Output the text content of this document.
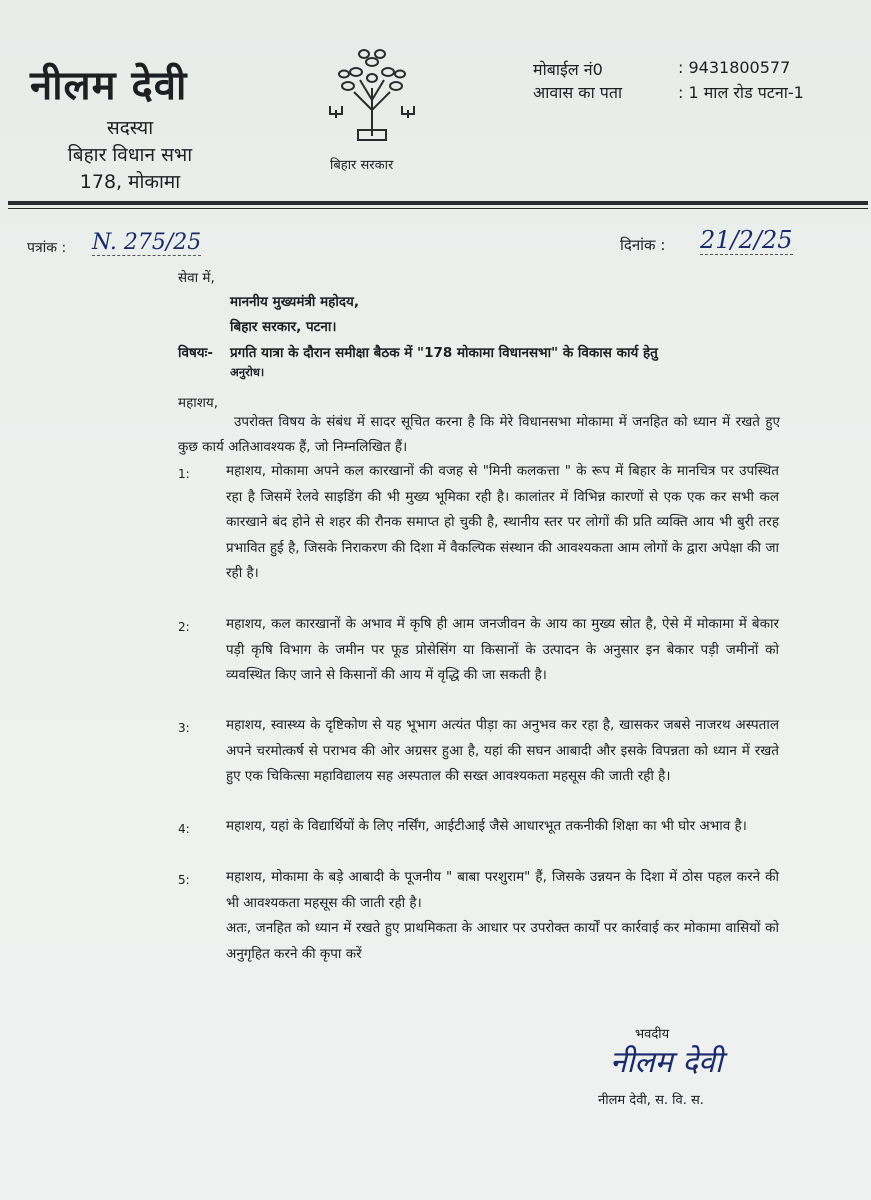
नीलम देवी
सदस्या
बिहार विधान सभा
178, मोकामा
बिहार सरकार
मोबाईल नं0	: 9431800577
आवास का पता	: 1 माल रोड पटना-1
पत्रांक : N. 275/25	दिनांक : 21/2/25
सेवा में,
माननीय मुख्यमंत्री महोदय,
बिहार सरकार, पटना।
विषयः- प्रगति यात्रा के दौरान समीक्षा बैठक में "178 मोकामा विधानसभा" के विकास कार्य हेतु
अनुरोध।
महाशय,
उपरोक्त विषय के संबंध में सादर सूचित करना है कि मेरे विधानसभा मोकामा में जनहित को ध्यान में रखते हुए कुछ कार्य अतिआवश्यक हैं, जो निम्नलिखित हैं।
1:	महाशय, मोकामा अपने कल कारखानों की वजह से "मिनी कलकत्ता " के रूप में बिहार के मानचित्र पर उपस्थित रहा है जिसमें रेलवे साइडिंग की भी मुख्य भूमिका रही है। कालांतर में विभिन्न कारणों से एक एक कर सभी कल कारखाने बंद होने से शहर की रौनक समाप्त हो चुकी है, स्थानीय स्तर पर लोगों की प्रति व्यक्ति आय भी बुरी तरह प्रभावित हुई है, जिसके निराकरण की दिशा में वैकल्पिक संस्थान की आवश्यकता आम लोगों के द्वारा अपेक्षा की जा रही है।
2:	महाशय, कल कारखानों के अभाव में कृषि ही आम जनजीवन के आय का मुख्य स्रोत है, ऐसे में मोकामा में बेकार पड़ी कृषि विभाग के जमीन पर फूड प्रोसेसिंग या किसानों के उत्पादन के अनुसार इन बेकार पड़ी जमीनों को व्यवस्थित किए जाने से किसानों की आय में वृद्धि की जा सकती है।
3:	महाशय, स्वास्थ्य के दृष्टिकोण से यह भूभाग अत्यंत पीड़ा का अनुभव कर रहा है, खासकर जबसे नाजरथ अस्पताल अपने चरमोत्कर्ष से पराभव की ओर अग्रसर हुआ है, यहां की सघन आबादी और इसके विपन्नता को ध्यान में रखते हुए एक चिकित्सा महाविद्यालय सह अस्पताल की सख्त आवश्यकता महसूस की जाती रही है।
4:	महाशय, यहां के विद्यार्थियों के लिए नर्सिंग, आईटीआई जैसे आधारभूत तकनीकी शिक्षा का भी घोर अभाव है।
5:	महाशय, मोकामा के बड़े आबादी के पूजनीय " बाबा परशुराम" हैं, जिसके उन्नयन के दिशा में ठोस पहल करने की भी आवश्यकता महसूस की जाती रही है।
अतः, जनहित को ध्यान में रखते हुए प्राथमिकता के आधार पर उपरोक्त कार्यों पर कार्रवाई कर मोकामा वासियों को अनुगृहित करने की कृपा करें
भवदीय
नीलम देवी
नीलम देवी, स. वि. स.
